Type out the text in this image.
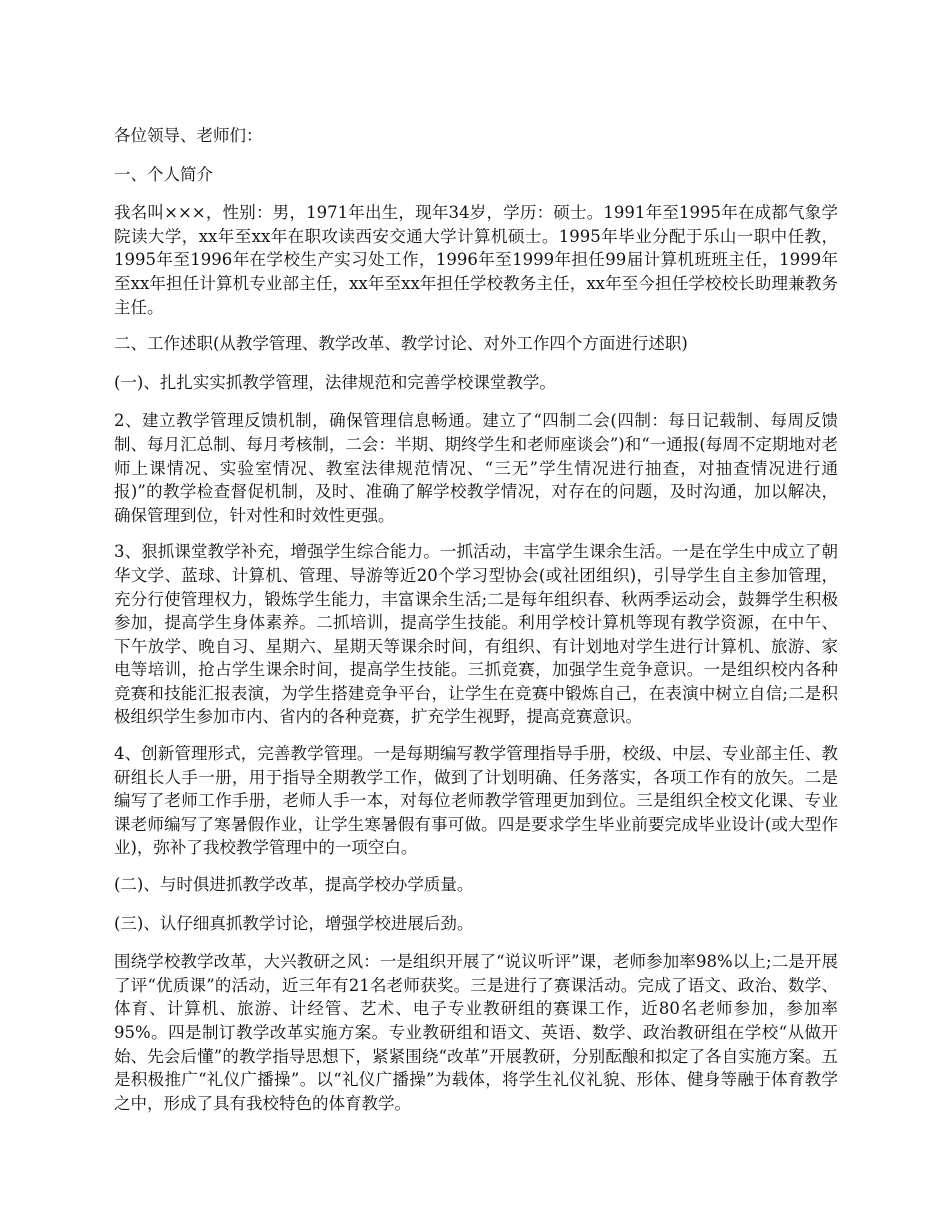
各位领导、老师们：

一、个人简介

我名叫×××，性别：男，1971年出生，现年34岁，学历：硕士。1991年至1995年在成都气象学院读大学，xx年至xx年在职攻读西安交通大学计算机硕士。1995年毕业分配于乐山一职中任教，1995年至1996年在学校生产实习处工作，1996年至1999年担任99届计算机班班主任，1999年至xx年担任计算机专业部主任，xx年至xx年担任学校教务主任，xx年至今担任学校校长助理兼教务主任。

二、工作述职(从教学管理、教学改革、教学讨论、对外工作四个方面进行述职)

(一)、扎扎实实抓教学管理，法律规范和完善学校课堂教学。

2、建立教学管理反馈机制，确保管理信息畅通。建立了“四制二会(四制：每日记载制、每周反馈制、每月汇总制、每月考核制，二会：半期、期终学生和老师座谈会”)和“一通报(每周不定期地对老师上课情况、实验室情况、教室法律规范情况、“三无”学生情况进行抽查，对抽查情况进行通报)”的教学检查督促机制，及时、准确了解学校教学情况，对存在的问题，及时沟通，加以解决，确保管理到位，针对性和时效性更强。

3、狠抓课堂教学补充，增强学生综合能力。一抓活动，丰富学生课余生活。一是在学生中成立了朝华文学、蓝球、计算机、管理、导游等近20个学习型协会(或社团组织)，引导学生自主参加管理，充分行使管理权力，锻炼学生能力，丰富课余生活;二是每年组织春、秋两季运动会，鼓舞学生积极参加，提高学生身体素养。二抓培训，提高学生技能。利用学校计算机等现有教学资源，在中午、下午放学、晚自习、星期六、星期天等课余时间，有组织、有计划地对学生进行计算机、旅游、家电等培训，抢占学生课余时间，提高学生技能。三抓竞赛，加强学生竞争意识。一是组织校内各种竞赛和技能汇报表演，为学生搭建竞争平台，让学生在竞赛中锻炼自己，在表演中树立自信;二是积极组织学生参加市内、省内的各种竞赛，扩充学生视野，提高竞赛意识。

4、创新管理形式，完善教学管理。一是每期编写教学管理指导手册，校级、中层、专业部主任、教研组长人手一册，用于指导全期教学工作，做到了计划明确、任务落实，各项工作有的放矢。二是编写了老师工作手册，老师人手一本，对每位老师教学管理更加到位。三是组织全校文化课、专业课老师编写了寒暑假作业，让学生寒暑假有事可做。四是要求学生毕业前要完成毕业设计(或大型作业)，弥补了我校教学管理中的一项空白。

(二)、与时俱进抓教学改革，提高学校办学质量。

(三)、认仔细真抓教学讨论，增强学校进展后劲。

围绕学校教学改革，大兴教研之风：一是组织开展了“说议听评”课，老师参加率98%以上;二是开展了评“优质课”的活动，近三年有21名老师获奖。三是进行了赛课活动。完成了语文、政治、数学、体育、计算机、旅游、计经管、艺术、电子专业教研组的赛课工作，近80名老师参加，参加率95%。四是制订教学改革实施方案。专业教研组和语文、英语、数学、政治教研组在学校“从做开始、先会后懂”的教学指导思想下，紧紧围绕“改革”开展教研，分别酝酿和拟定了各自实施方案。五是积极推广“礼仪广播操”。以“礼仪广播操”为载体，将学生礼仪礼貌、形体、健身等融于体育教学之中，形成了具有我校特色的体育教学。
